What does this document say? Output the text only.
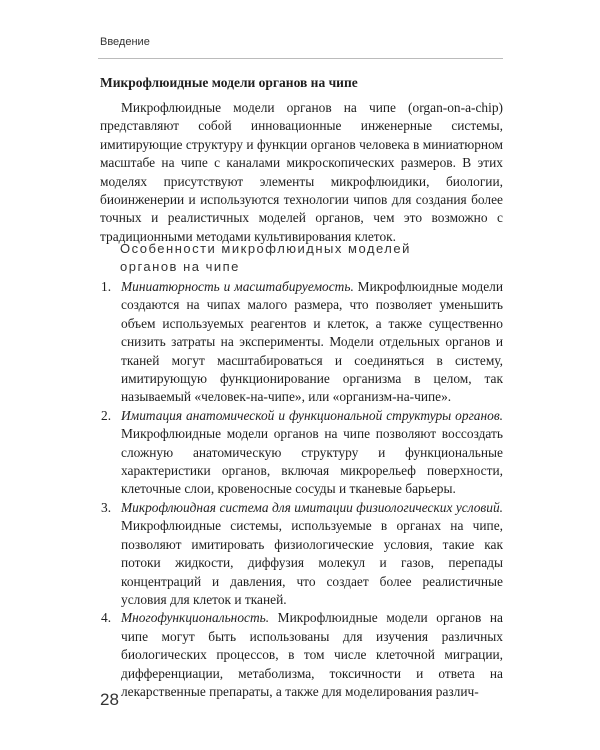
Введение
Микрофлюидные модели органов на чипе

Микрофлюидные модели органов на чипе (organ-on-a-chip) представляют собой инновационные инженерные системы, имитирующие структуру и функции органов человека в миниатюрном масштабе на чипе с каналами микроскопических размеров. В этих моделях присутствуют элементы микрофлюидики, биологии, биоинженерии и используются технологии чипов для создания более точных и реалистичных моделей органов, чем это возможно с традиционными методами культивирования клеток.

Особенности микрофлюидных моделей органов на чипе
1. Миниатюрность и масштабируемость. Микрофлюидные модели создаются на чипах малого размера, что позволяет уменьшить объем используемых реагентов и клеток, а также существенно снизить затраты на эксперименты. Модели отдельных органов и тканей могут масштабироваться и соединяться в систему, имитирующую функционирование организма в целом, так называемый «человек-на-чипе», или «организм-на-чипе».
2. Имитация анатомической и функциональной структуры органов. Микрофлюидные модели органов на чипе позволяют воссоздать сложную анатомическую структуру и функциональные характеристики органов, включая микрорельеф поверхности, клеточные слои, кровеносные сосуды и тканевые барьеры.
3. Микрофлюидная система для имитации физиологических условий. Микрофлюидные системы, используемые в органах на чипе, позволяют имитировать физиологические условия, такие как потоки жидкости, диффузия молекул и газов, перепады концентраций и давления, что создает более реалистичные условия для клеток и тканей.
4. Многофункциональность. Микрофлюидные модели органов на чипе могут быть использованы для изучения различных биологических процессов, в том числе клеточной миграции, дифференциации, метаболизма, токсичности и ответа на лекарственные препараты, а также для моделирования различ-
28
